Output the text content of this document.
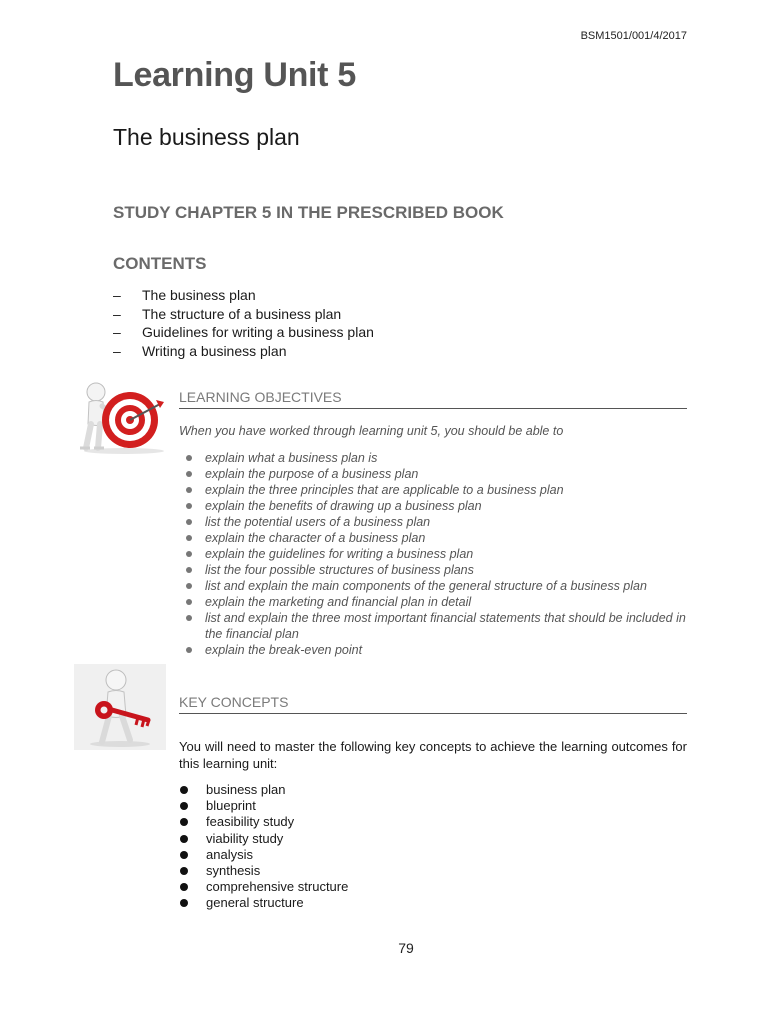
BSM1501/001/4/2017
Learning Unit 5
The business plan
STUDY CHAPTER 5 IN THE PRESCRIBED BOOK
CONTENTS
– The business plan
– The structure of a business plan
– Guidelines for writing a business plan
– Writing a business plan
LEARNING OBJECTIVES
When you have worked through learning unit 5, you should be able to
explain what a business plan is
explain the purpose of a business plan
explain the three principles that are applicable to a business plan
explain the benefits of drawing up a business plan
list the potential users of a business plan
explain the character of a business plan
explain the guidelines for writing a business plan
list the four possible structures of business plans
list and explain the main components of the general structure of a business plan
explain the marketing and financial plan in detail
list and explain the three most important financial statements that should be included in the financial plan
explain the break-even point
KEY CONCEPTS
You will need to master the following key concepts to achieve the learning outcomes for this learning unit:
business plan
blueprint
feasibility study
viability study
analysis
synthesis
comprehensive structure
general structure
79
